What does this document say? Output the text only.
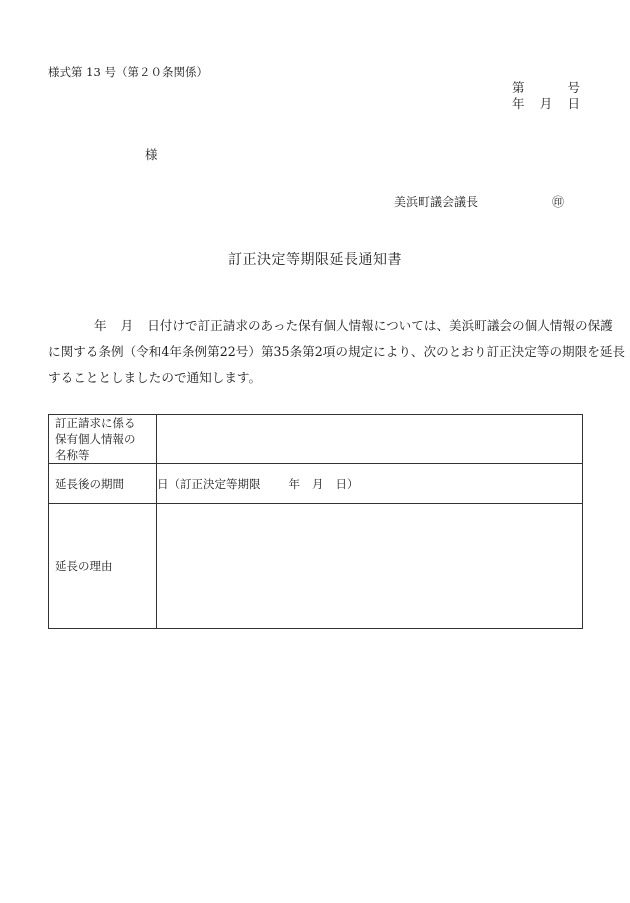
様式第 13 号（第２０条関係）
第	号
年 月 日
様
美浜町議会議長	㊞
訂正決定等期限延長通知書
年 月 日付けで訂正請求のあった保有個人情報については、美浜町議会の個人情報の保護
に関する条例（令和4年条例第22号）第35条第2項の規定により、次のとおり訂正決定等の期限を延長
することとしましたので通知します。
訂正請求に係る
保有個人情報の
名称等	

延長後の期間	日（訂正決定等期限 年 月 日）
延長の理由	
